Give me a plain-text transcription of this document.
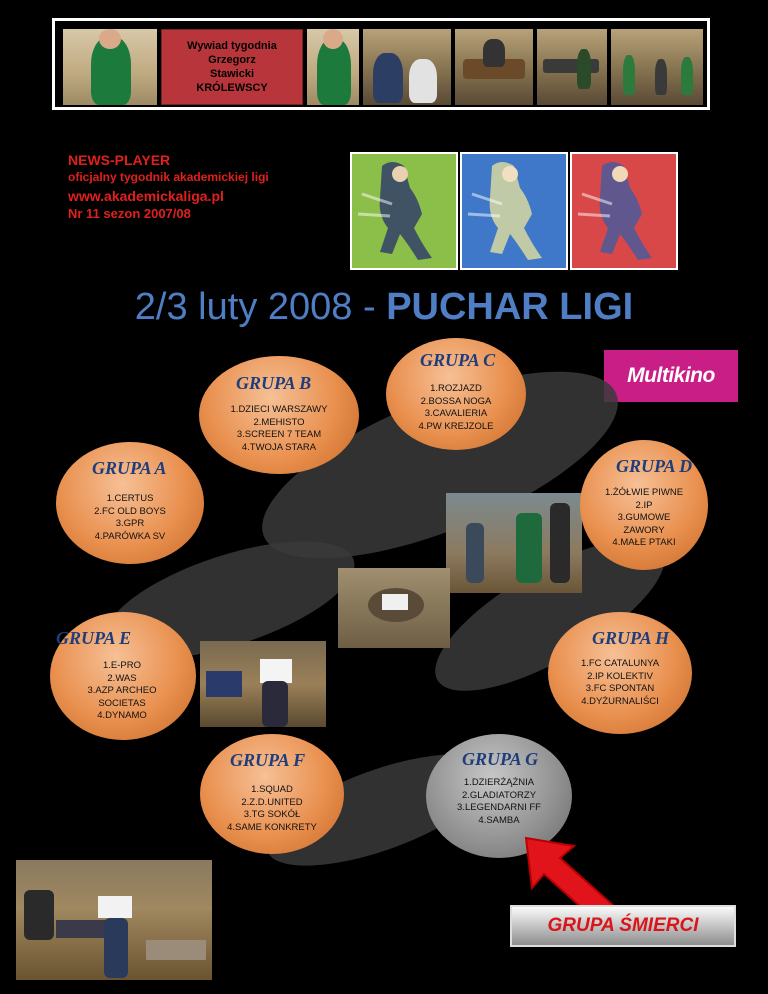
Wywiad tygodnia
Grzegorz
Stawicki
KRÓLEWSCY
NEWS-PLAYER
oficjalny tygodnik akademickiej ligi
www.akademickaliga.pl
Nr 11 sezon 2007/08
2/3 luty 2008 - PUCHAR LIGI
Multikino
GRUPA B
1.DZIECI WARSZAWY
2.MEHISTO
3.SCREEN 7 TEAM
4.TWOJA STARA
GRUPA C
1.ROZJAZD
2.BOSSA NOGA
3.CAVALIERIA
4.PW KREJZOLE
GRUPA A
1.CERTUS
2.FC OLD BOYS
3.GPR
4.PARÓWKA SV
GRUPA D
1.ŻÓŁWIE PIWNE
2.IP
3.GUMOWE
ZAWORY
4.MAŁE PTAKI
GRUPA E
1.E-PRO
2.WAS
3.AZP ARCHEO
SOCIETAS
4.DYNAMO
GRUPA H
1.FC CATALUNYA
2.IP KOLEKTIV
3.FC SPONTAN
4.DYŻURNALIŚCI
GRUPA F
1.SQUAD
2.Z.D.UNITED
3.TG SOKÓŁ
4.SAME KONKRETY
GRUPA G
1.DZIERŻĄŻNIA
2.GLADIATORZY
3.LEGENDARNI FF
4.SAMBA
GRUPA ŚMIERCI
